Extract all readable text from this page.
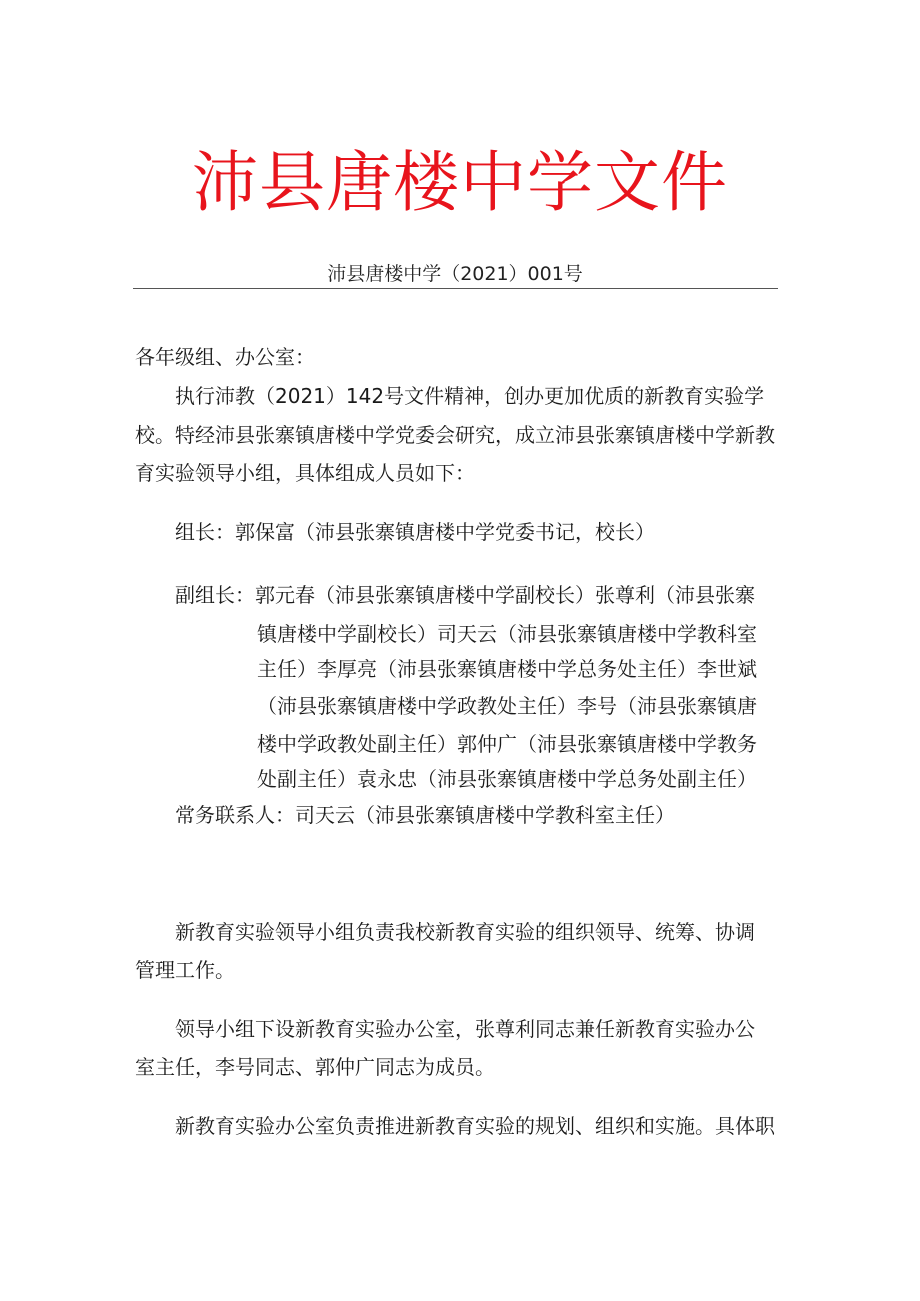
沛县唐楼中学文件
沛县唐楼中学（2021）001号
各年级组、办公室：
执行沛教（2021）142号文件精神，创办更加优质的新教育实验学
校。特经沛县张寨镇唐楼中学党委会研究，成立沛县张寨镇唐楼中学新教
育实验领导小组，具体组成人员如下：
组长：郭保富（沛县张寨镇唐楼中学党委书记，校长）
副组长：郭元春（沛县张寨镇唐楼中学副校长）张尊利（沛县张寨
镇唐楼中学副校长）司天云（沛县张寨镇唐楼中学教科室
主任）李厚亮（沛县张寨镇唐楼中学总务处主任）李世斌
（沛县张寨镇唐楼中学政教处主任）李号（沛县张寨镇唐
楼中学政教处副主任）郭仲广（沛县张寨镇唐楼中学教务
处副主任）袁永忠（沛县张寨镇唐楼中学总务处副主任）
常务联系人：司天云（沛县张寨镇唐楼中学教科室主任）
新教育实验领导小组负责我校新教育实验的组织领导、统筹、协调
管理工作。
领导小组下设新教育实验办公室，张尊利同志兼任新教育实验办公
室主任，李号同志、郭仲广同志为成员。
新教育实验办公室负责推进新教育实验的规划、组织和实施。具体职
